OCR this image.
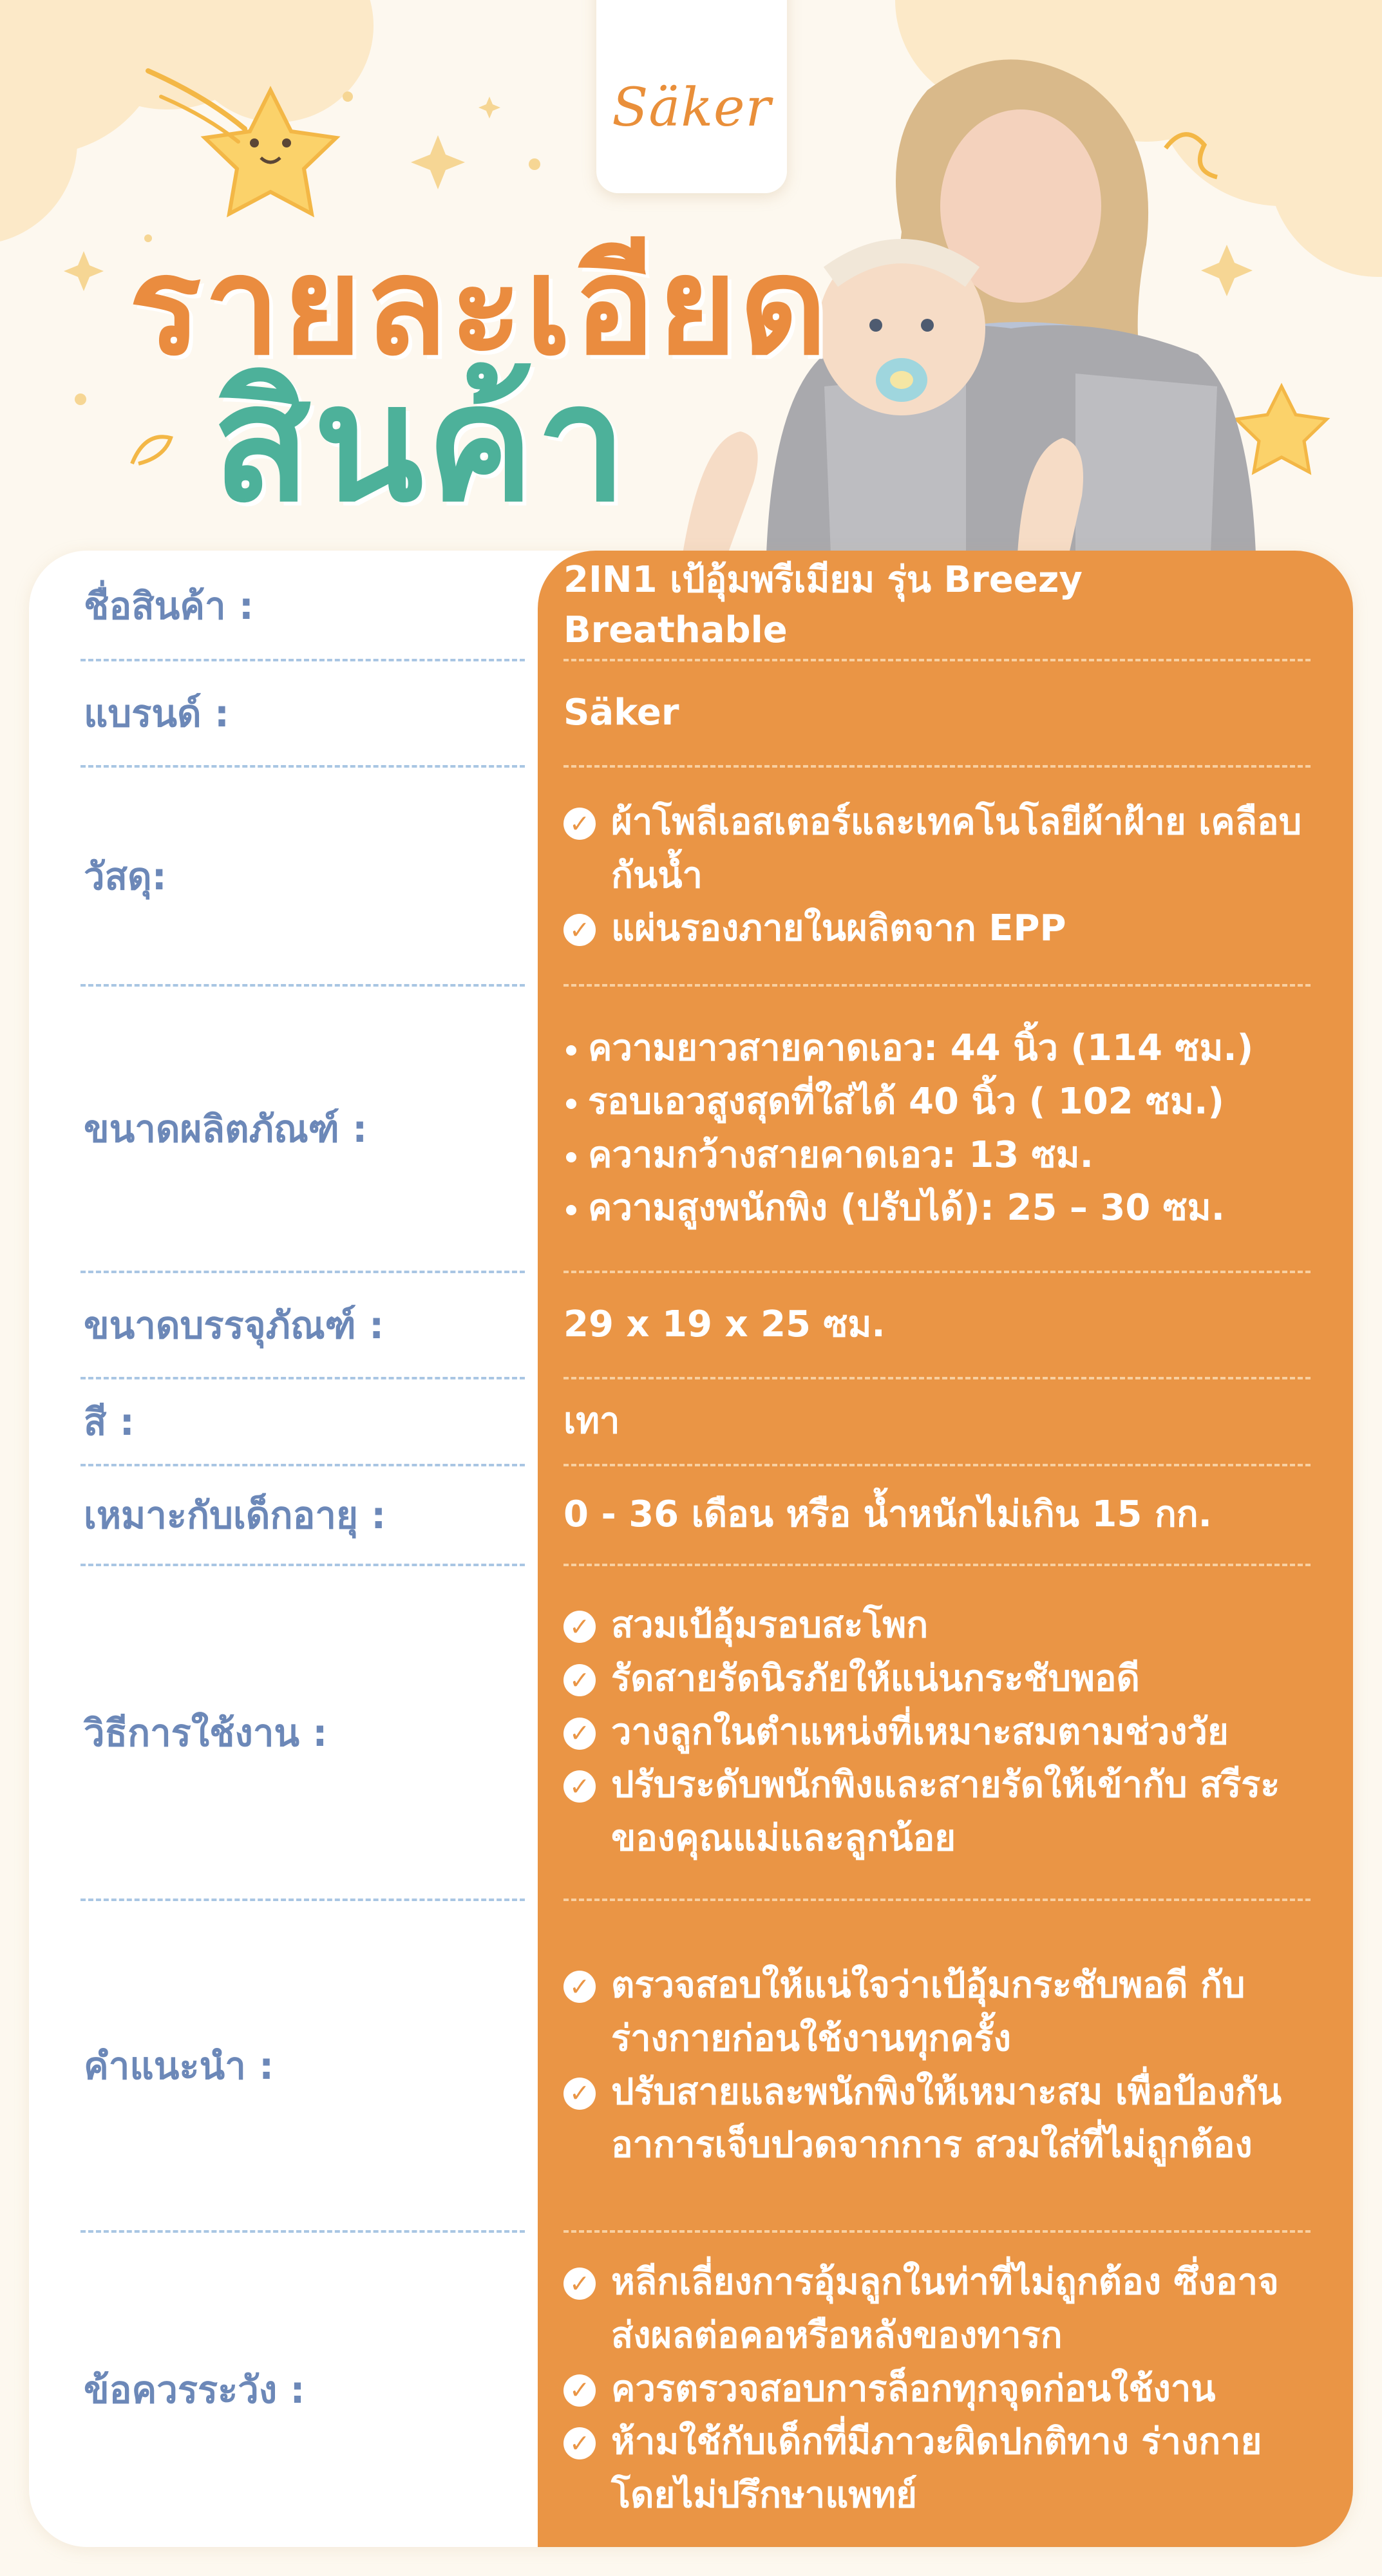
Säker
รายละเอียด
สินค้า
ชื่อสินค้า :
2IN1 เป้อุ้มพรีเมียม รุ่น Breezy Breathable
แบรนด์ :	Säker
วัสดุ:
✓ ผ้าโพลีเอสเตอร์และเทคโนโลยีผ้าฝ้าย เคลือบกันน้ำ
✓ แผ่นรองภายในผลิตจาก EPP
ขนาดผลิตภัณฑ์ :
ความยาวสายคาดเอว: 44 นิ้ว (114 ซม.)
รอบเอวสูงสุดที่ใส่ได้ 40 นิ้ว ( 102 ซม.)
ความกว้างสายคาดเอว: 13 ซม.
ความสูงพนักพิง (ปรับได้): 25 – 30 ซม.
ขนาดบรรจุภัณฑ์ :	29 x 19 x 25 ซม.
สี :	เทา
เหมาะกับเด็กอายุ :	0 - 36 เดือน หรือ น้ำหนักไม่เกิน 15 กก.
วิธีการใช้งาน :
✓ สวมเป้อุ้มรอบสะโพก
✓ รัดสายรัดนิรภัยให้แน่นกระชับพอดี
✓ วางลูกในตำแหน่งที่เหมาะสมตามช่วงวัย
✓ ปรับระดับพนักพิงและสายรัดให้เข้ากับ สรีระของคุณแม่และลูกน้อย
คำแนะนำ :
✓ ตรวจสอบให้แน่ใจว่าเป้อุ้มกระชับพอดี กับร่างกายก่อนใช้งานทุกครั้ง
✓ ปรับสายและพนักพิงให้เหมาะสม เพื่อป้องกันอาการเจ็บปวดจากการ สวมใส่ที่ไม่ถูกต้อง
ข้อควรระวัง :
✓ หลีกเลี่ยงการอุ้มลูกในท่าที่ไม่ถูกต้อง ซึ่งอาจส่งผลต่อคอหรือหลังของทารก
✓ ควรตรวจสอบการล็อกทุกจุดก่อนใช้งาน
✓ ห้ามใช้กับเด็กที่มีภาวะผิดปกติทาง ร่างกายโดยไม่ปรึกษาแพทย์
